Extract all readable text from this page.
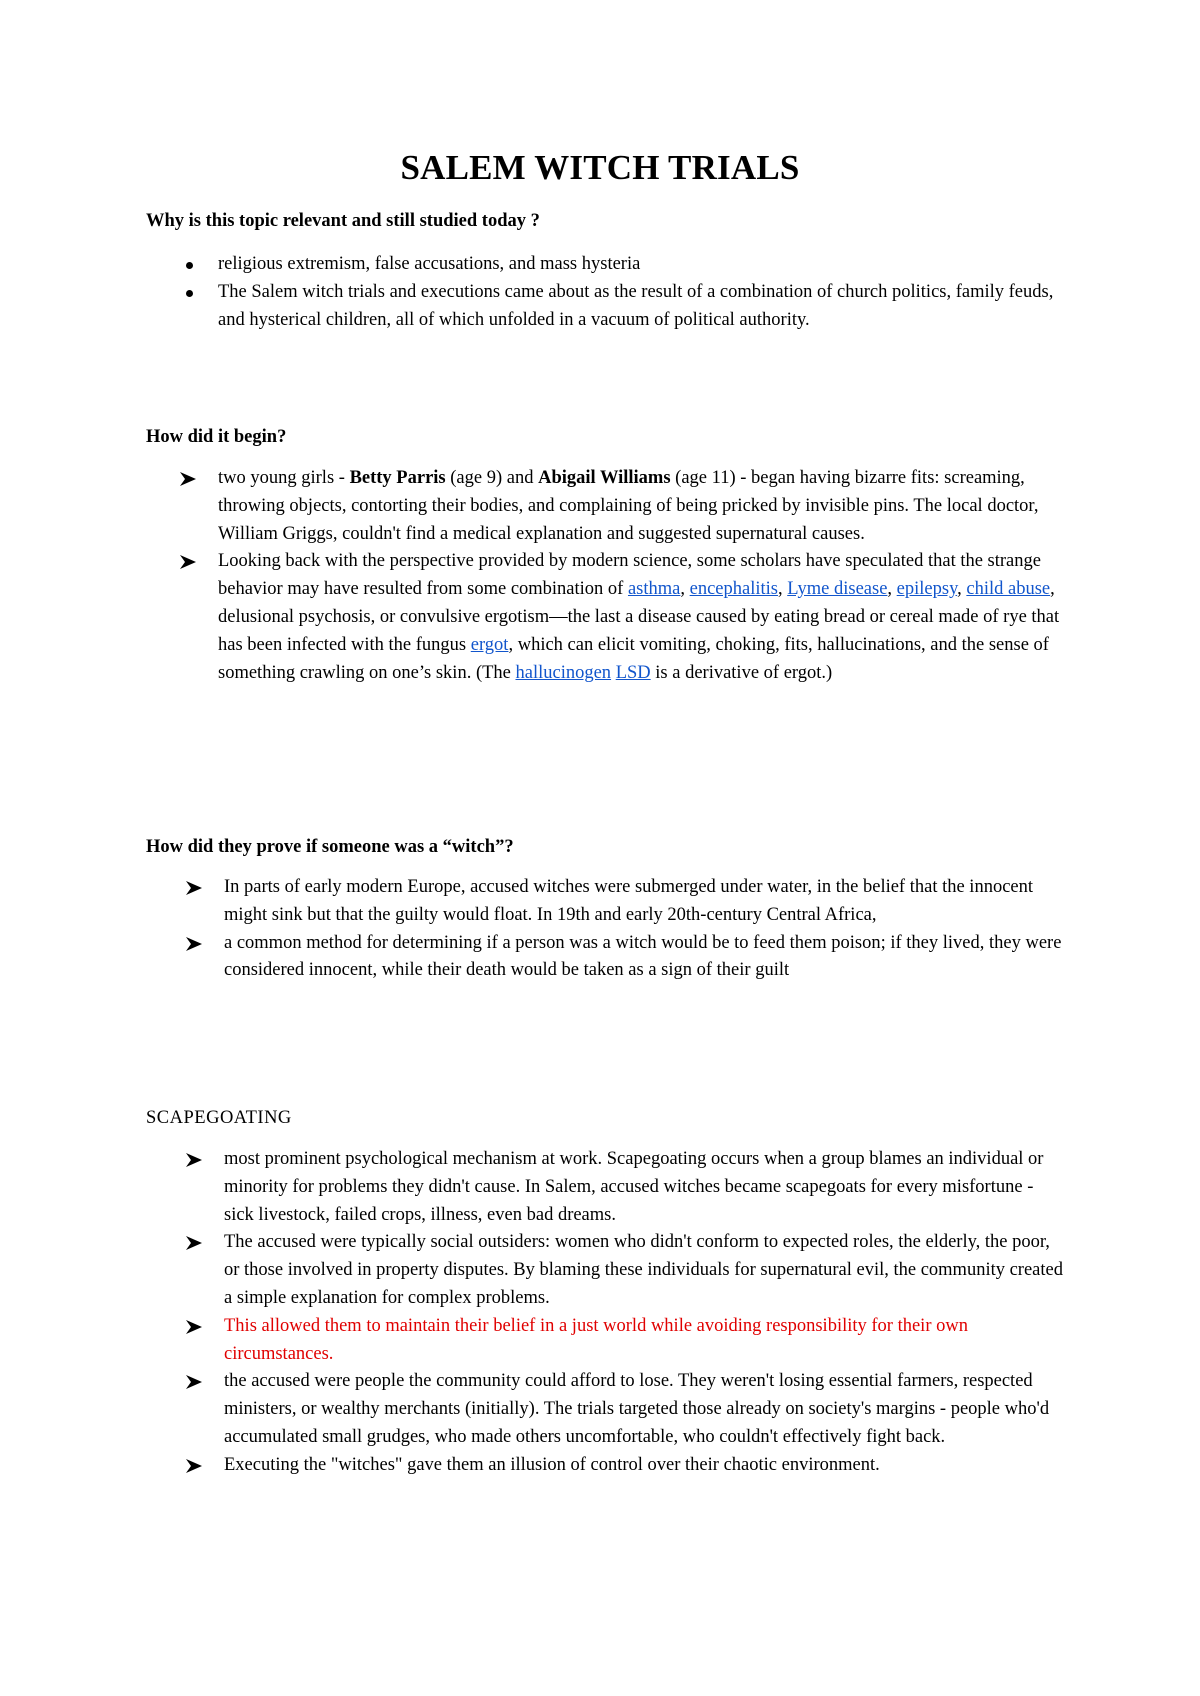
SALEM WITCH TRIALS

Why is this topic relevant and still studied today ?

religious extremism, false accusations, and mass hysteria
The Salem witch trials and executions came about as the result of a combination of church politics, family feuds, and hysterical children, all of which unfolded in a vacuum of political authority.

How did it begin?

two young girls - Betty Parris (age 9) and Abigail Williams (age 11) - began having bizarre fits: screaming, throwing objects, contorting their bodies, and complaining of being pricked by invisible pins. The local doctor, William Griggs, couldn't find a medical explanation and suggested supernatural causes.
Looking back with the perspective provided by modern science, some scholars have speculated that the strange behavior may have resulted from some combination of asthma, encephalitis, Lyme disease, epilepsy, child abuse, delusional psychosis, or convulsive ergotism—the last a disease caused by eating bread or cereal made of rye that has been infected with the fungus ergot, which can elicit vomiting, choking, fits, hallucinations, and the sense of something crawling on one’s skin. (The hallucinogen LSD is a derivative of ergot.)

How did they prove if someone was a “witch”?

In parts of early modern Europe, accused witches were submerged under water, in the belief that the innocent might sink but that the guilty would float. In 19th and early 20th-century Central Africa,
a common method for determining if a person was a witch would be to feed them poison; if they lived, they were considered innocent, while their death would be taken as a sign of their guilt

SCAPEGOATING

most prominent psychological mechanism at work. Scapegoating occurs when a group blames an individual or minority for problems they didn't cause. In Salem, accused witches became scapegoats for every misfortune - sick livestock, failed crops, illness, even bad dreams.
The accused were typically social outsiders: women who didn't conform to expected roles, the elderly, the poor, or those involved in property disputes. By blaming these individuals for supernatural evil, the community created a simple explanation for complex problems.
This allowed them to maintain their belief in a just world while avoiding responsibility for their own circumstances.
the accused were people the community could afford to lose. They weren't losing essential farmers, respected ministers, or wealthy merchants (initially). The trials targeted those already on society's margins - people who'd accumulated small grudges, who made others uncomfortable, who couldn't effectively fight back.
Executing the "witches" gave them an illusion of control over their chaotic environment.
